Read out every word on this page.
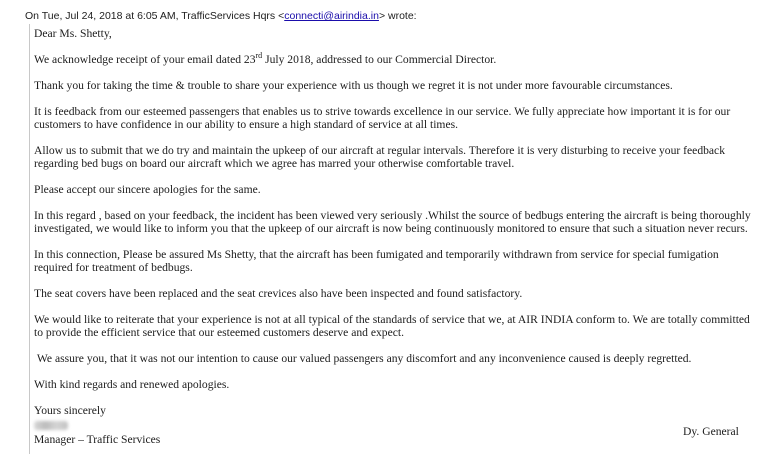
On Tue, Jul 24, 2018 at 6:05 AM, TrafficServices Hqrs <connecti@airindia.in> wrote:

Dear Ms. Shetty,

We acknowledge receipt of your email dated 23rd July 2018, addressed to our Commercial Director.

Thank you for taking the time & trouble to share your experience with us though we regret it is not under more favourable circumstances.

It is feedback from our esteemed passengers that enables us to strive towards excellence in our service. We fully appreciate how important it is for our customers to have confidence in our ability to ensure a high standard of service at all times.

Allow us to submit that we do try and maintain the upkeep of our aircraft at regular intervals. Therefore it is very disturbing to receive your feedback regarding bed bugs on board our aircraft which we agree has marred your otherwise comfortable travel.

Please accept our sincere apologies for the same.

In this regard , based on your feedback, the incident has been viewed very seriously .Whilst the source of bedbugs entering the aircraft is being thoroughly investigated, we would like to inform you that the upkeep of our aircraft is now being continuously monitored to ensure that such a situation never recurs.

In this connection, Please be assured Ms Shetty, that the aircraft has been fumigated and temporarily withdrawn from service for special fumigation required for treatment of bedbugs.

The seat covers have been replaced and the seat crevices also have been inspected and found satisfactory.

We would like to reiterate that your experience is not at all typical of the standards of service that we, at AIR INDIA conform to. We are totally committed to provide the efficient service that our esteemed customers deserve and expect.

We assure you, that it was not our intention to cause our valued passengers any discomfort and any inconvenience caused is deeply regretted.

With kind regards and renewed apologies.

Yours sincerely

Manager – Traffic Services

Dy. General
